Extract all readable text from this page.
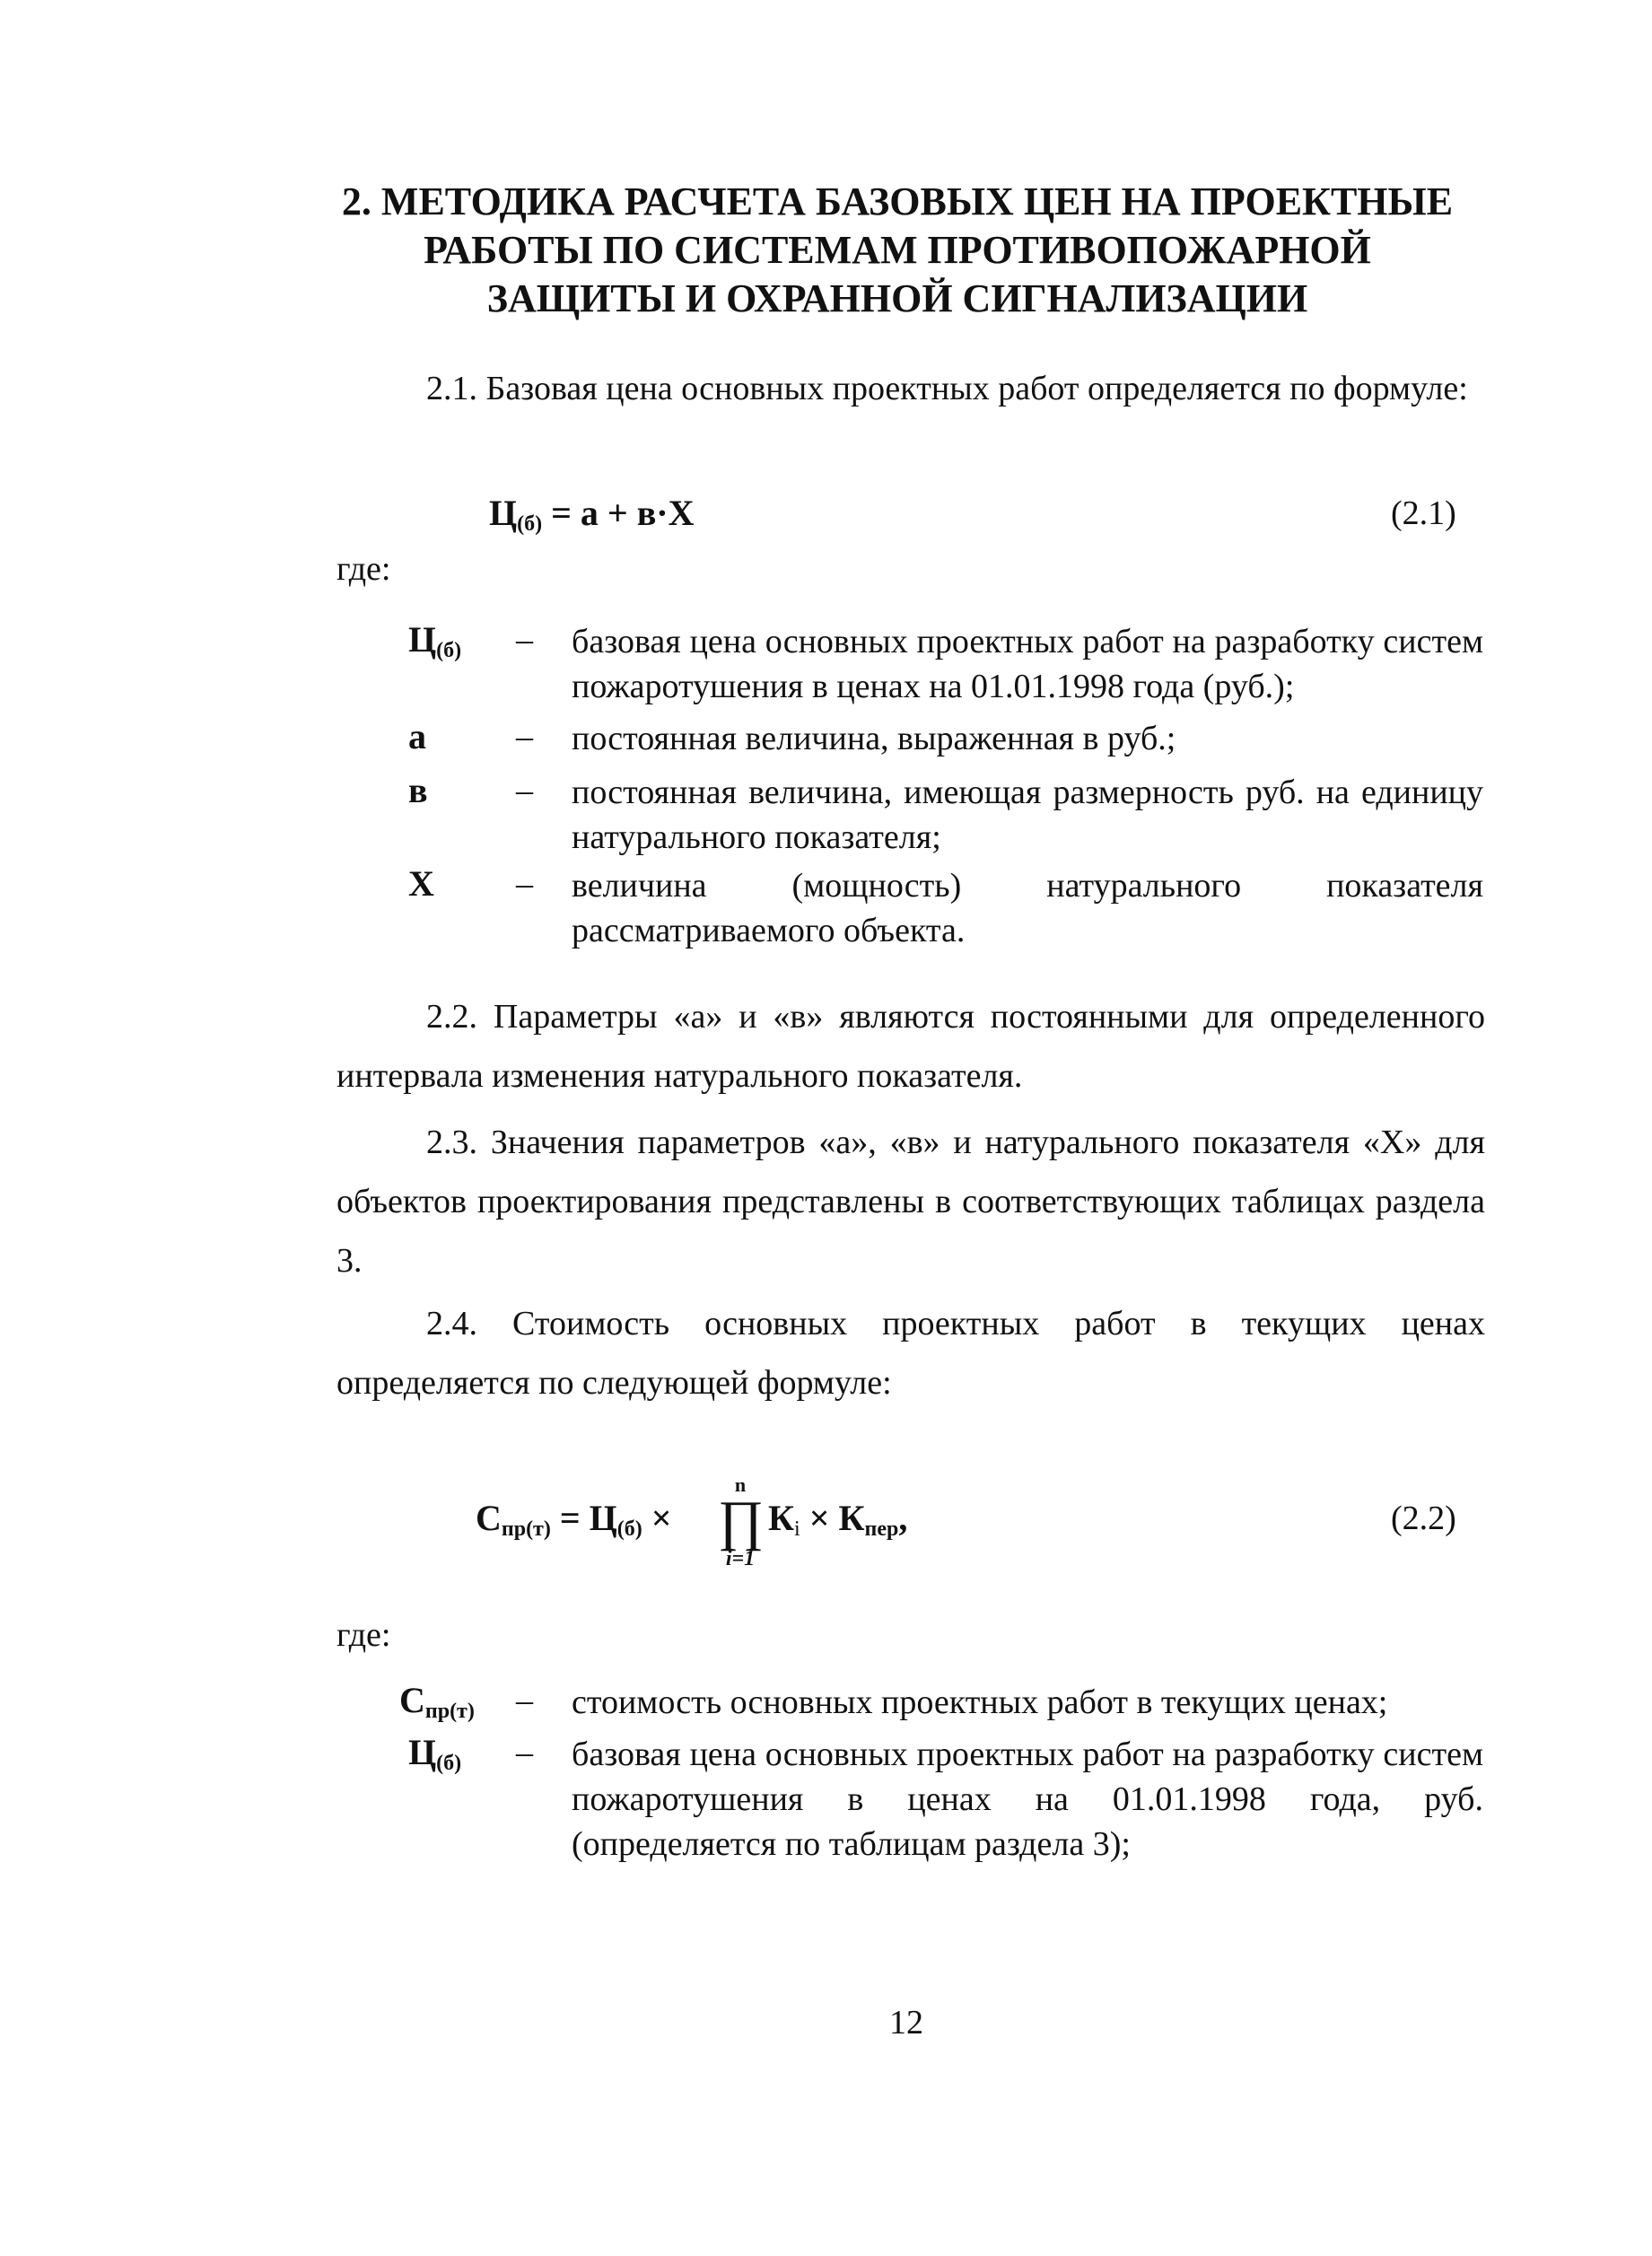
2. МЕТОДИКА РАСЧЕТА БАЗОВЫХ ЦЕН НА ПРОЕКТНЫЕ
РАБОТЫ ПО СИСТЕМАМ ПРОТИВОПОЖАРНОЙ
ЗАЩИТЫ И ОХРАННОЙ СИГНАЛИЗАЦИИ
2.1. Базовая цена основных проектных работ определяется по формуле:
$Ц_{(б)} = а + в\cdot Х$	(2.1)
где:
$Ц_{(б)}$ – базовая цена основных проектных работ на разработку систем пожаротушения в ценах на 01.01.1998 года (руб.);
а	– постоянная величина, выраженная в руб.;
в	– постоянная величина, имеющая размерность руб. на единицу натурального показателя;
Х – величина (мощность) натурального показателя рассматриваемого объекта.
2.2. Параметры «а» и «в» являются постоянными для определенного интервала изменения натурального показателя.
2.3. Значения параметров «а», «в» и натурального показателя «Х» для объектов проектирования представлены в соответствующих таблицах раздела 3.
2.4. Стоимость основных проектных работ в текущих ценах определяется по следующей формуле:
$С_{пр(т)} = Ц_{(б)}$ ×
n
∏
i=1
$К_i \times К_{пер}$,	(2.2)
где:
$С_{пр(т)}$ – стоимость основных проектных работ в текущих ценах;
$Ц_{(б)}$ – базовая цена основных проектных работ на разработку систем пожаротушения в ценах на 01.01.1998 года, руб. (определяется по таблицам раздела 3);
12
